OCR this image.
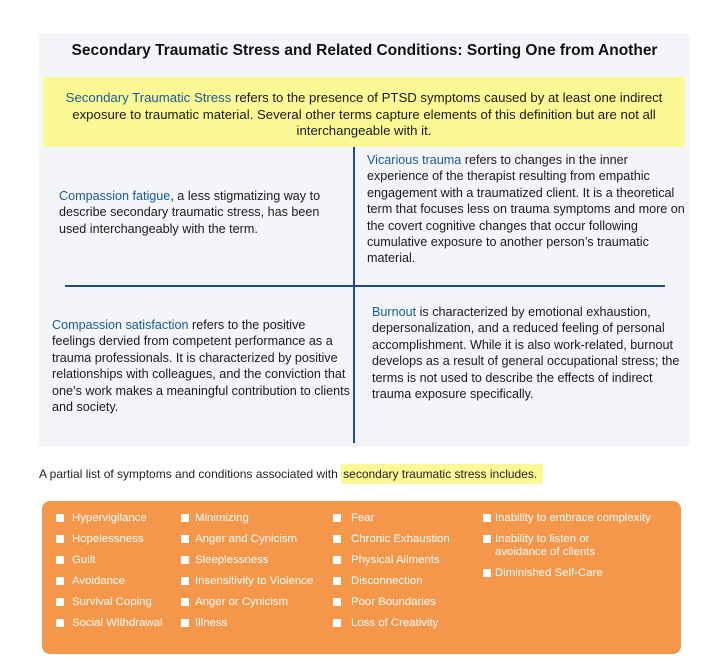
Secondary Traumatic Stress and Related Conditions: Sorting One from Another
Secondary Traumatic Stress refers to the presence of PTSD symptoms caused by at least one indirect exposure to traumatic material. Several other terms capture elements of this definition but are not all interchangeable with it.
Compassion fatigue, a less stigmatizing way to describe secondary traumatic stress, has been used interchangeably with the term.
Vicarious trauma refers to changes in the inner experience of the therapist resulting from empathic engagement with a traumatized client. It is a theoretical term that focuses less on trauma symptoms and more on the covert cognitive changes that occur following cumulative exposure to another person’s traumatic material.
Compassion satisfaction refers to the positive feelings dervied from competent performance as a trauma professionals. It is characterized by positive relationships with colleagues, and the conviction that one’s work makes a meaningful contribution to clients and society.
Burnout is characterized by emotional exhaustion, depersonalization, and a reduced feeling of personal accomplishment. While it is also work-related, burnout develops as a result of general occupational stress; the terms is not used to describe the effects of indirect trauma exposure specifically.
A partial list of symptoms and conditions associated with secondary traumatic stress includes.
Hypervigilance
Hopelessness
Guilt
Avoidance
Survival Coping
Social Withdrawal
Minimizing
Anger and Cynicism
Sleeplessness
Insensitivity to Violence
Anger or Cynicism
Illness
Fear
Chronic Exhaustion
Physical Ailments
Disconnection
Poor Boundaries
Loss of Creativity
Inability to embrace complexity
Inability to listen or avoidance of clients
Diminished Self-Care
